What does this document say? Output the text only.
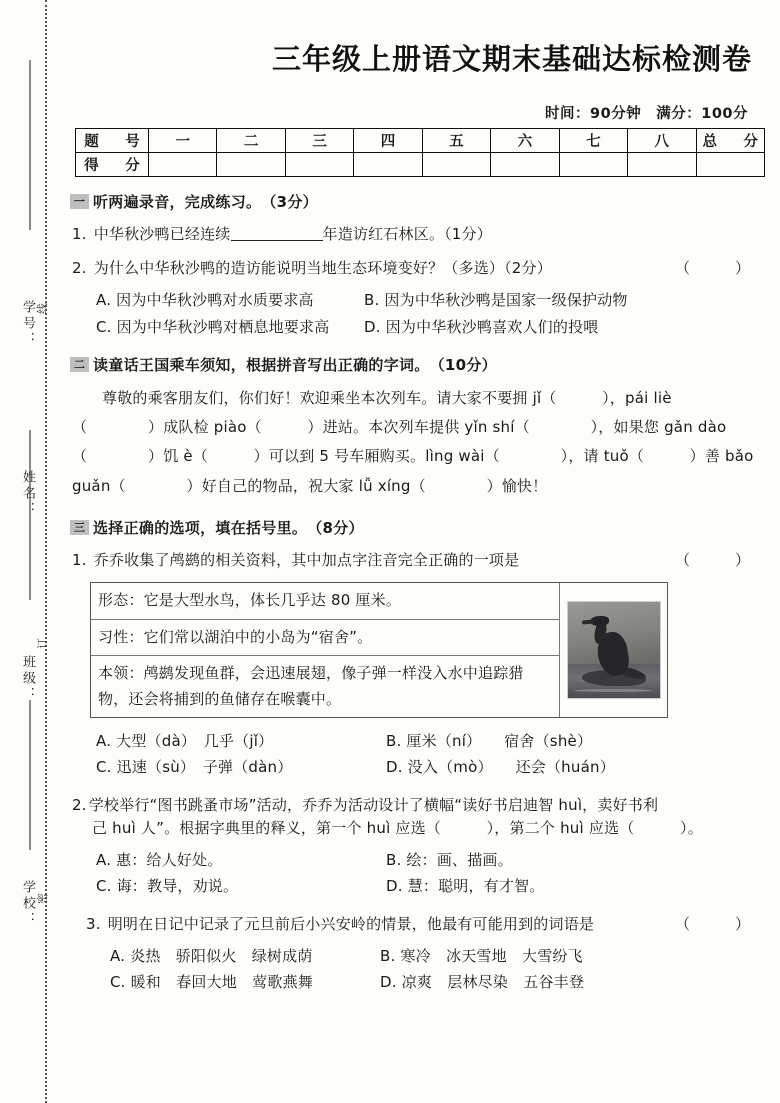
线
订
密
学号：
姓名：
班级：
学校：
三年级上册语文期末基础达标检测卷
时间：90分钟　满分：100分
题　号	一	二	三	四	五	六	七	八	总　分
得　分									
一 听两遍录音，完成练习。 （3分）
1. 中华秋沙鸭已经连续	年造访红石林区。（1分）
2. 为什么中华秋沙鸭的造访能说明当地生态环境变好？（多选）（2分）	（　　　）
A. 因为中华秋沙鸭对水质要求高	B. 因为中华秋沙鸭是国家一级保护动物
C. 因为中华秋沙鸭对栖息地要求高 D. 因为中华秋沙鸭喜欢人们的投喂
二 读童话王国乘车须知，根据拼音写出正确的字词。 （10分）
尊敬的乘客朋友们，你们好！欢迎乘坐本次列车。请大家不要拥 jǐ（　　　），pái liè
（　　　　）成队检 piào（　　　）进站。本次列车提供 yǐn shí（　　　　），如果您 gǎn dào
（　　　　）饥 è（　　　）可以到 5 号车厢购买。lìng wài（　　　　），请 tuǒ（　　　）善 bǎo
guǎn（　　　　）好自己的物品，祝大家 lǚ xíng（　　　　）愉快！
三 选择正确的选项，填在括号里。 （8分）
1. 乔乔收集了鸬鹚的相关资料，其中加点字注音完全正确的一项是	（　　　）
形态：它是大型水鸟，体长几乎达 80 厘米。
习性：它们常以湖泊中的小岛为“宿舍”。
本领：鸬鹚发现鱼群，会迅速展翅，像子弹一样没入水中追踪猎物，还会将捕到的鱼储存在喉囊中。
A. 大型（dà）　几乎（jǐ）	B. 厘米（ní）　　宿舍（shè）
C. 迅速（sù）　子弹（dàn）	D. 没入（mò）　　还会（huán）
2. 学校举行“图书跳蚤市场”活动，乔乔为活动设计了横幅“读好书启迪智 huì，卖好书利
己 huì 人”。根据字典里的释义，第一个 huì 应选（　　　），第二个 huì 应选（　　　）。
A. 惠：给人好处。	B. 绘：画、描画。
C. 诲：教导，劝说。	D. 慧：聪明，有才智。
3. 明明在日记中记录了元旦前后小兴安岭的情景，他最有可能用到的词语是	（　　　）
A. 炎热　骄阳似火　绿树成荫	B. 寒冷　冰天雪地　大雪纷飞
C. 暖和　春回大地　莺歌燕舞	D. 凉爽　层林尽染　五谷丰登
